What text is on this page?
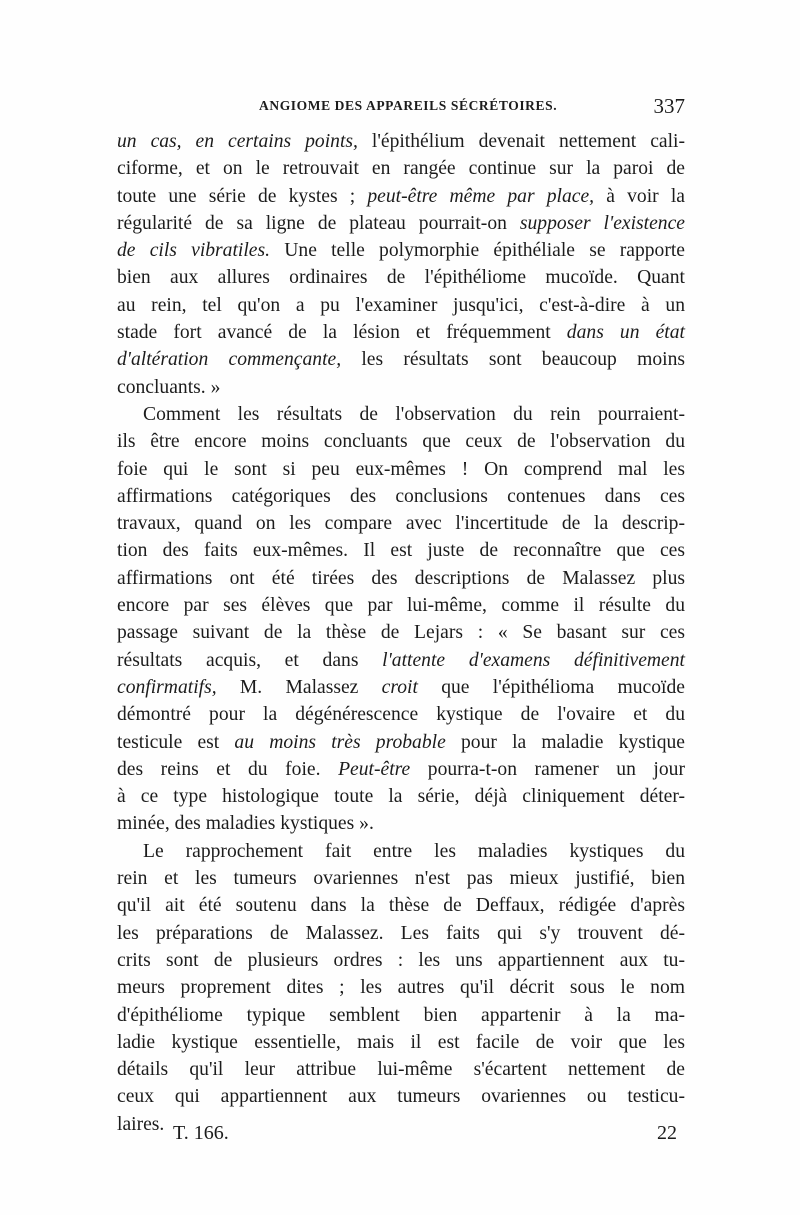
ANGIOME DES APPAREILS SÉCRÉTOIRES.	337
un cas, en certains points, l'épithélium devenait nettement cali-
ciforme, et on le retrouvait en rangée continue sur la paroi de
toute une série de kystes ; peut-être même par place, à voir la
régularité de sa ligne de plateau pourrait-on supposer l'existence
de cils vibratiles. Une telle polymorphie épithéliale se rapporte
bien aux allures ordinaires de l'épithéliome mucoïde. Quant
au rein, tel qu'on a pu l'examiner jusqu'ici, c'est-à-dire à un
stade fort avancé de la lésion et fréquemment dans un état
d'altération commençante, les résultats sont beaucoup moins
concluants. »
Comment les résultats de l'observation du rein pourraient-
ils être encore moins concluants que ceux de l'observation du
foie qui le sont si peu eux-mêmes ! On comprend mal les
affirmations catégoriques des conclusions contenues dans ces
travaux, quand on les compare avec l'incertitude de la descrip-
tion des faits eux-mêmes. Il est juste de reconnaître que ces
affirmations ont été tirées des descriptions de Malassez plus
encore par ses élèves que par lui-même, comme il résulte du
passage suivant de la thèse de Lejars : « Se basant sur ces
résultats acquis, et dans l'attente d'examens définitivement
confirmatifs, M. Malassez croit que l'épithélioma mucoïde
démontré pour la dégénérescence kystique de l'ovaire et du
testicule est au moins très probable pour la maladie kystique
des reins et du foie. Peut-être pourra-t-on ramener un jour
à ce type histologique toute la série, déjà cliniquement déter-
minée, des maladies kystiques ».
Le rapprochement fait entre les maladies kystiques du
rein et les tumeurs ovariennes n'est pas mieux justifié, bien
qu'il ait été soutenu dans la thèse de Deffaux, rédigée d'après
les préparations de Malassez. Les faits qui s'y trouvent dé-
crits sont de plusieurs ordres : les uns appartiennent aux tu-
meurs proprement dites ; les autres qu'il décrit sous le nom
d'épithéliome typique semblent bien appartenir à la ma-
ladie kystique essentielle, mais il est facile de voir que les
détails qu'il leur attribue lui-même s'écartent nettement de
ceux qui appartiennent aux tumeurs ovariennes ou testicu-
laires. T. 166.	22
